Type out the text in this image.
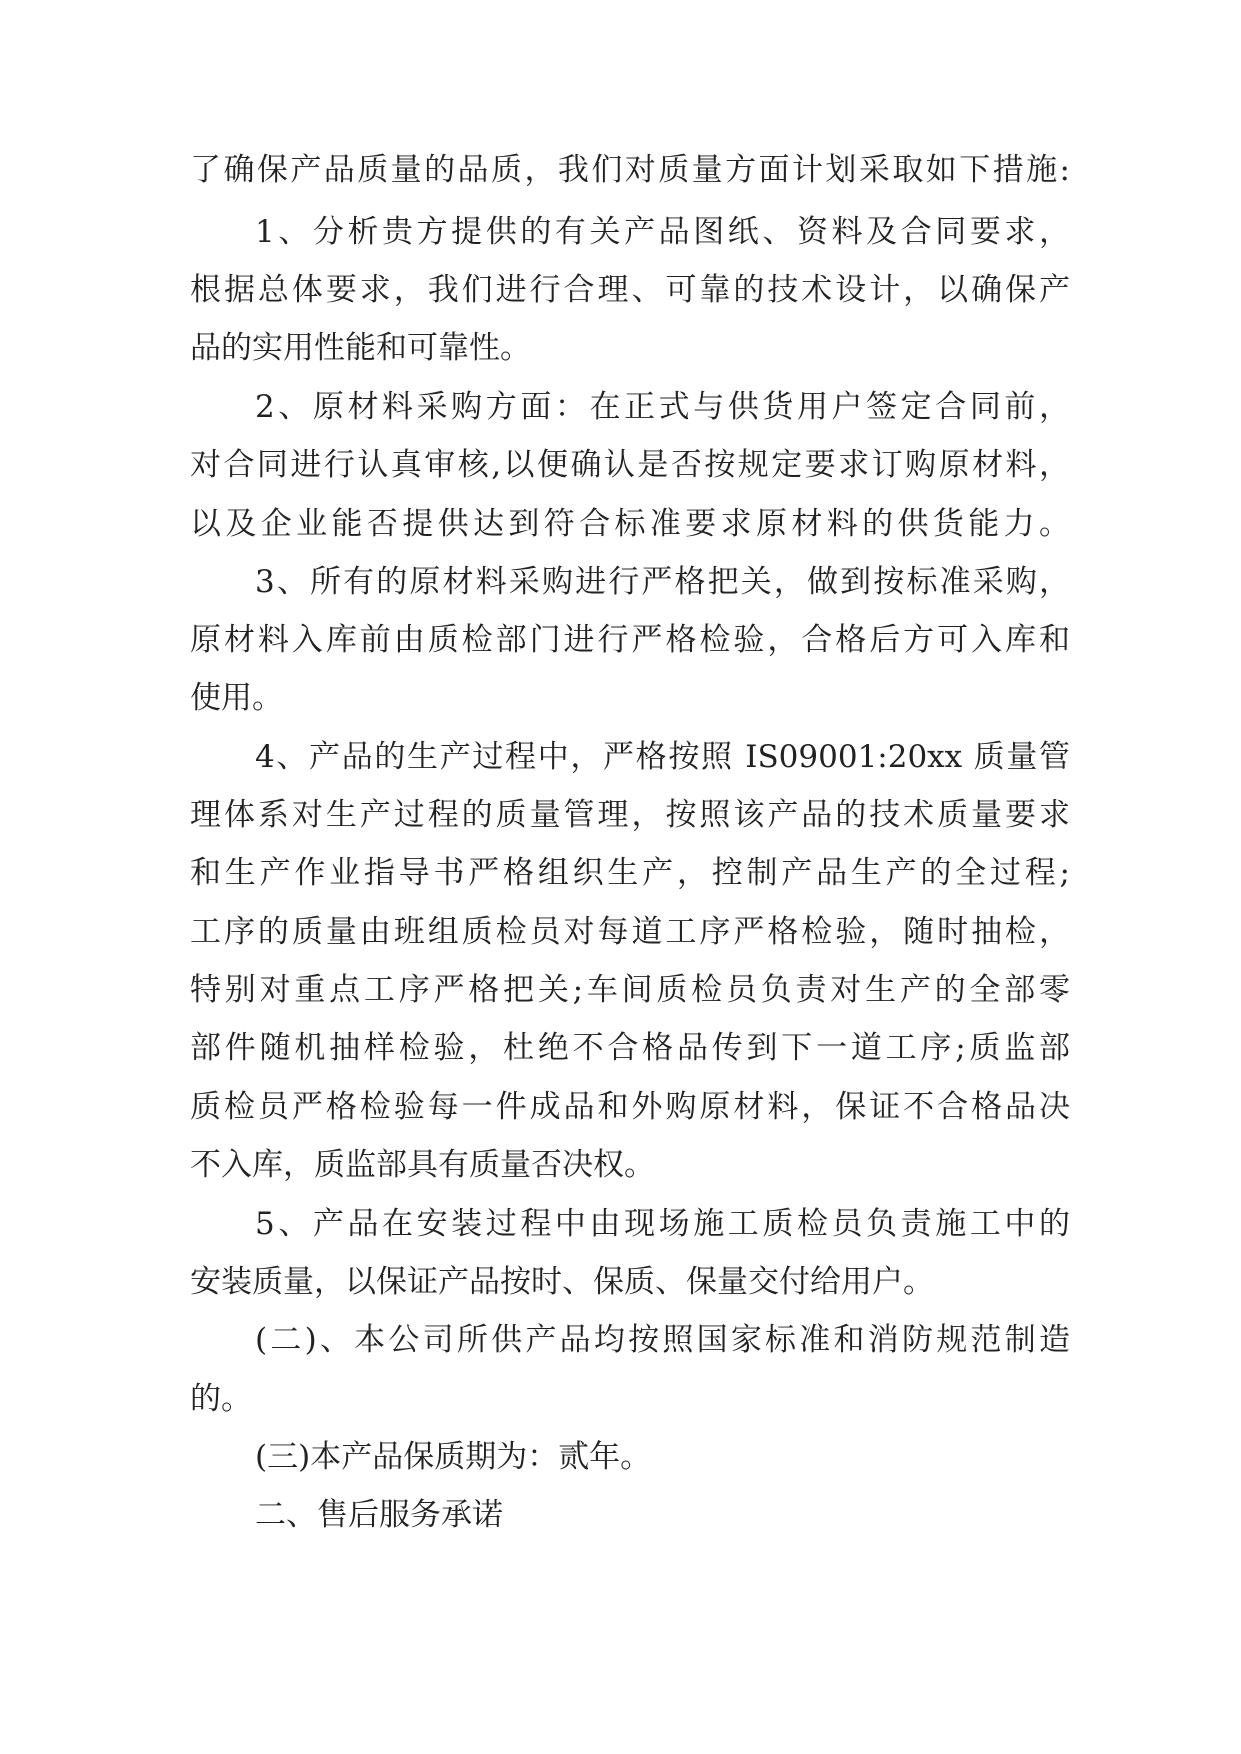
了确保产品质量的品质，我们对质量方面计划采取如下措施:
1、分析贵方提供的有关产品图纸、资料及合同要求，
根据总体要求，我们进行合理、可靠的技术设计，以确保产
品的实用性能和可靠性。
2、原材料采购方面：在正式与供货用户签定合同前，
对合同进行认真审核,以便确认是否按规定要求订购原材料，
以及企业能否提供达到符合标准要求原材料的供货能力。
3、所有的原材料采购进行严格把关，做到按标准采购，
原材料入库前由质检部门进行严格检验，合格后方可入库和
使用。
4、产品的生产过程中，严格按照 IS09001:20xx 质量管
理体系对生产过程的质量管理，按照该产品的技术质量要求
和生产作业指导书严格组织生产，控制产品生产的全过程;
工序的质量由班组质检员对每道工序严格检验，随时抽检，
特别对重点工序严格把关;车间质检员负责对生产的全部零
部件随机抽样检验，杜绝不合格品传到下一道工序;质监部
质检员严格检验每一件成品和外购原材料，保证不合格品决
不入库，质监部具有质量否决权。
5、产品在安装过程中由现场施工质检员负责施工中的
安装质量，以保证产品按时、保质、保量交付给用户。
(二)、本公司所供产品均按照国家标准和消防规范制造
的。
(三)本产品保质期为：贰年。
二、售后服务承诺
